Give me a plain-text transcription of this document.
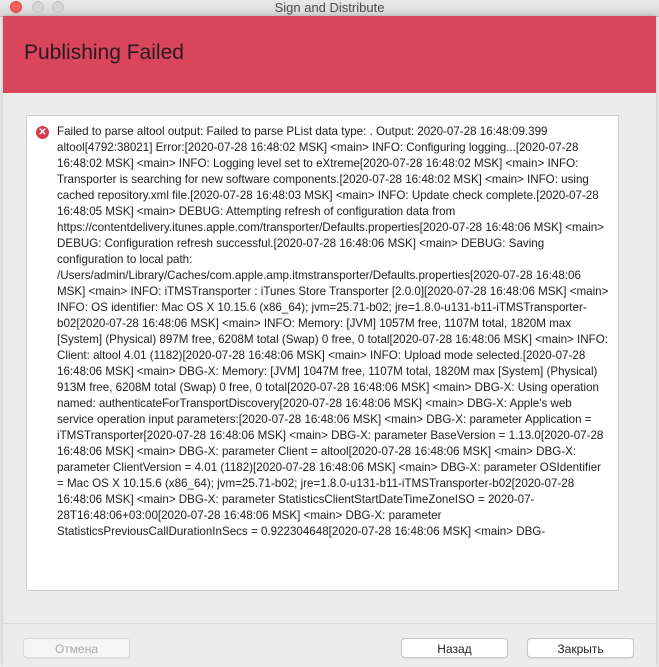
Sign and Distribute
Publishing Failed
✕ Failed to parse altool output: Failed to parse PList data type: . Output: 2020-07-28 16:48:09.399 altool[4792:38021] Error:[2020-07-28 16:48:02 MSK] <main> INFO: Configuring logging...[2020-07-28 16:48:02 MSK] <main> INFO: Logging level set to eXtreme[2020-07-28 16:48:02 MSK] <main> INFO: Transporter is searching for new software components.[2020-07-28 16:48:02 MSK] <main> INFO: using cached repository.xml file.[2020-07-28 16:48:03 MSK] <main> INFO: Update check complete.[2020-07-28 16:48:05 MSK] <main> DEBUG: Attempting refresh of configuration data from https://contentdelivery.itunes.apple.com/transporter/Defaults.properties[2020-07-28 16:48:06 MSK] <main> DEBUG: Configuration refresh successful.[2020-07-28 16:48:06 MSK] <main> DEBUG: Saving configuration to local path: /Users/admin/Library/Caches/com.apple.amp.itmstransporter/Defaults.properties[2020-07-28 16:48:06 MSK] <main> INFO: iTMSTransporter : iTunes Store Transporter [2.0.0][2020-07-28 16:48:06 MSK] <main> INFO: OS identifier: Mac OS X 10.15.6 (x86_64); jvm=25.71-b02; jre=1.8.0-u131-b11-iTMSTransporter-b02[2020-07-28 16:48:06 MSK] <main> INFO: Memory: [JVM] 1057M free, 1107M total, 1820M max [System] (Physical) 897M free, 6208M total (Swap) 0 free, 0 total[2020-07-28 16:48:06 MSK] <main> INFO: Client: altool 4.01 (1182)[2020-07-28 16:48:06 MSK] <main> INFO: Upload mode selected.[2020-07-28 16:48:06 MSK] <main> DBG-X: Memory: [JVM] 1047M free, 1107M total, 1820M max [System] (Physical) 913M free, 6208M total (Swap) 0 free, 0 total[2020-07-28 16:48:06 MSK] <main> DBG-X: Using operation named: authenticateForTransportDiscovery[2020-07-28 16:48:06 MSK] <main> DBG-X: Apple's web service operation input parameters:[2020-07-28 16:48:06 MSK] <main> DBG-X: parameter Application = iTMSTransporter[2020-07-28 16:48:06 MSK] <main> DBG-X: parameter BaseVersion = 1.13.0[2020-07-28 16:48:06 MSK] <main> DBG-X: parameter Client = altool[2020-07-28 16:48:06 MSK] <main> DBG-X: parameter ClientVersion = 4.01 (1182)[2020-07-28 16:48:06 MSK] <main> DBG-X: parameter OSIdentifier = Mac OS X 10.15.6 (x86_64); jvm=25.71-b02; jre=1.8.0-u131-b11-iTMSTransporter-b02[2020-07-28 16:48:06 MSK] <main> DBG-X: parameter StatisticsClientStartDateTimeZoneISO = 2020-07-28T16:48:06+03:00[2020-07-28 16:48:06 MSK] <main> DBG-X: parameter StatisticsPreviousCallDurationInSecs = 0.922304648[2020-07-28 16:48:06 MSK] <main> DBG-
Отмена	Назад	Закрыть
